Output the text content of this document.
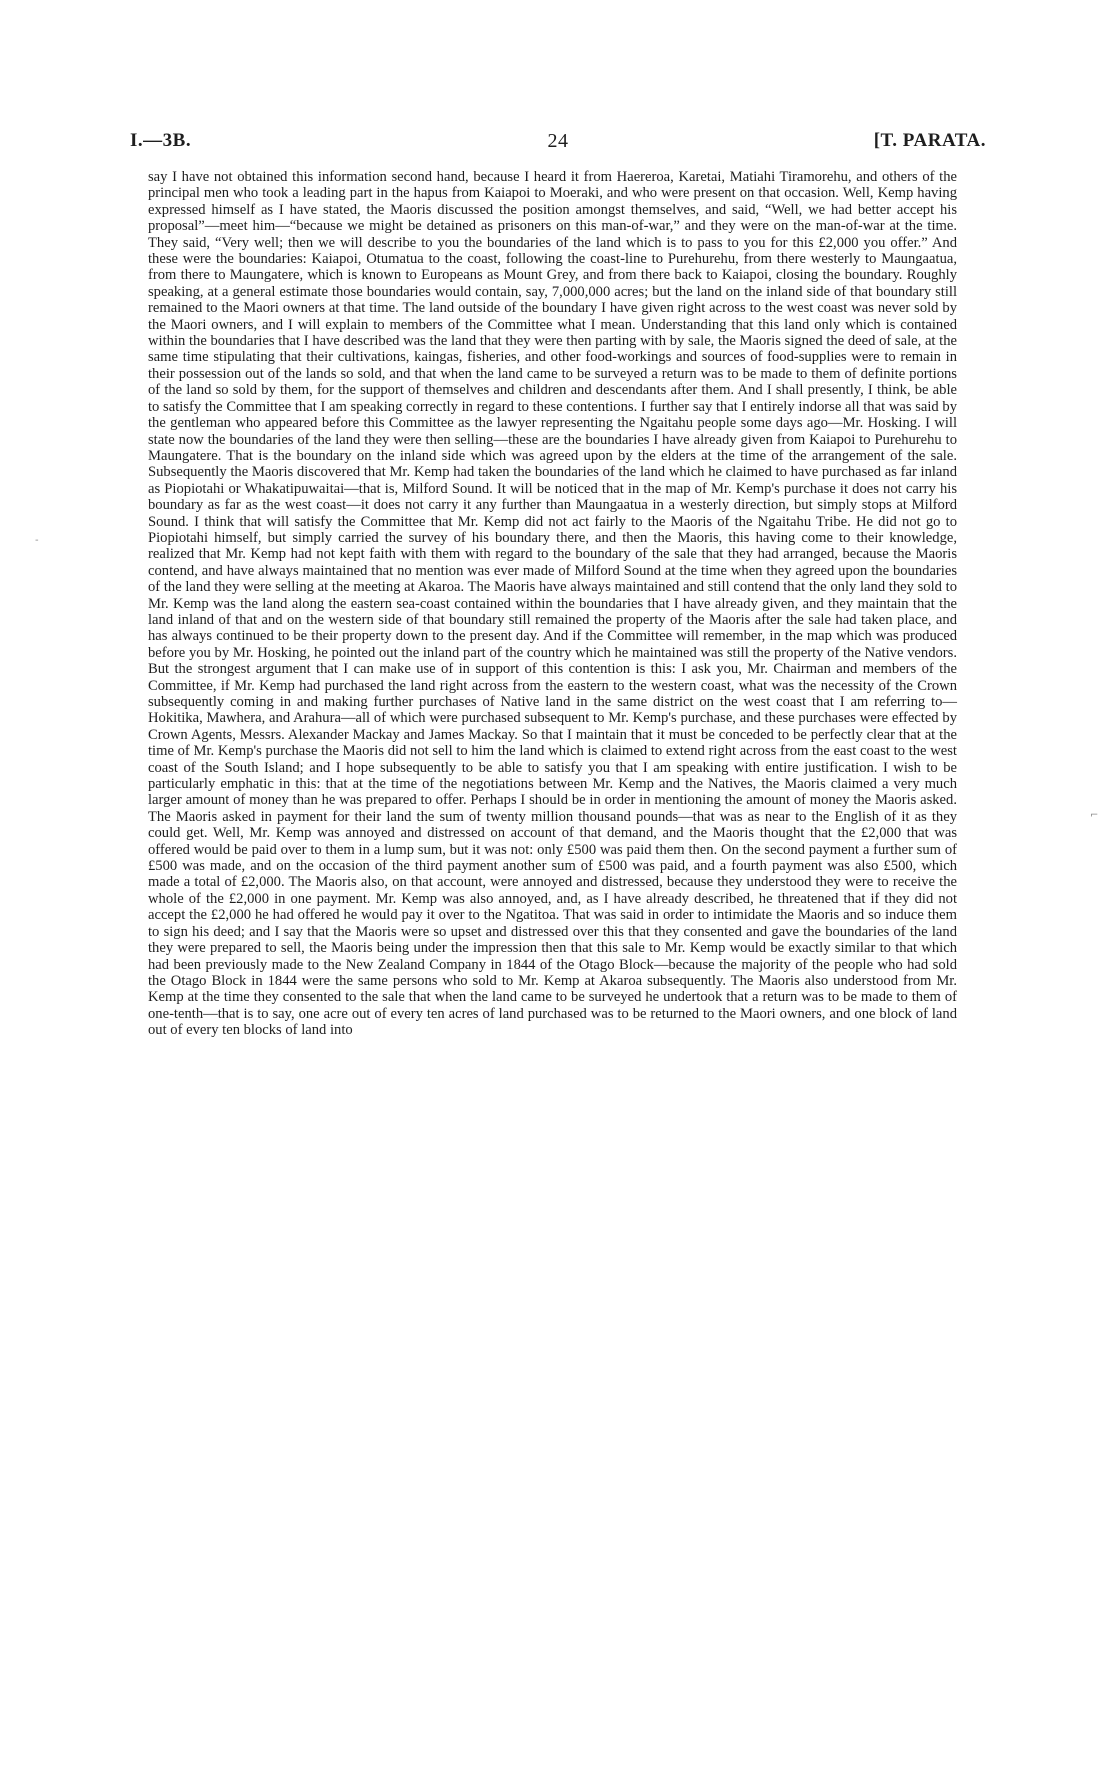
I.—3B.	24	[T. PARATA.

say I have not obtained this information second hand, because I heard it from Haereroa, Karetai, Matiahi Tiramorehu, and others of the principal men who took a leading part in the hapus from Kaiapoi to Moeraki, and who were present on that occasion. Well, Kemp having expressed himself as I have stated, the Maoris discussed the position amongst themselves, and said, “Well, we had better accept his proposal”—meet him—“because we might be detained as prisoners on this man-of-war,” and they were on the man-of-war at the time. They said, “Very well; then we will describe to you the boundaries of the land which is to pass to you for this £2,000 you offer.” And these were the boundaries: Kaiapoi, Otumatua to the coast, following the coast-line to Purehurehu, from there westerly to Maungaatua, from there to Maungatere, which is known to Europeans as Mount Grey, and from there back to Kaiapoi, closing the boundary. Roughly speaking, at a general estimate those boundaries would contain, say, 7,000,000 acres; but the land on the inland side of that boundary still remained to the Maori owners at that time. The land outside of the boundary I have given right across to the west coast was never sold by the Maori owners, and I will explain to members of the Committee what I mean. Understanding that this land only which is contained within the boundaries that I have described was the land that they were then parting with by sale, the Maoris signed the deed of sale, at the same time stipulating that their cultivations, kaingas, fisheries, and other food-workings and sources of food-supplies were to remain in their possession out of the lands so sold, and that when the land came to be surveyed a return was to be made to them of definite portions of the land so sold by them, for the support of themselves and children and descendants after them. And I shall presently, I think, be able to satisfy the Committee that I am speaking correctly in regard to these contentions. I further say that I entirely indorse all that was said by the gentleman who appeared before this Committee as the lawyer representing the Ngaitahu people some days ago—Mr. Hosking. I will state now the boundaries of the land they were then selling—these are the boundaries I have already given from Kaiapoi to Purehurehu to Maungatere. That is the boundary on the inland side which was agreed upon by the elders at the time of the arrangement of the sale. Subsequently the Maoris discovered that Mr. Kemp had taken the boundaries of the land which he claimed to have purchased as far inland as Piopiotahi or Whakatipuwaitai—that is, Milford Sound. It will be noticed that in the map of Mr. Kemp's purchase it does not carry his boundary as far as the west coast—it does not carry it any further than Maungaatua in a westerly direction, but simply stops at Milford Sound. I think that will satisfy the Committee that Mr. Kemp did not act fairly to the Maoris of the Ngaitahu Tribe. He did not go to Piopiotahi himself, but simply carried the survey of his boundary there, and then the Maoris, this having come to their knowledge, realized that Mr. Kemp had not kept faith with them with regard to the boundary of the sale that they had arranged, because the Maoris contend, and have always maintained that no mention was ever made of Milford Sound at the time when they agreed upon the boundaries of the land they were selling at the meeting at Akaroa. The Maoris have always maintained and still contend that the only land they sold to Mr. Kemp was the land along the eastern sea-coast contained within the boundaries that I have already given, and they maintain that the land inland of that and on the western side of that boundary still remained the property of the Maoris after the sale had taken place, and has always continued to be their property down to the present day. And if the Committee will remember, in the map which was produced before you by Mr. Hosking, he pointed out the inland part of the country which he maintained was still the property of the Native vendors. But the strongest argument that I can make use of in support of this contention is this: I ask you, Mr. Chairman and members of the Committee, if Mr. Kemp had purchased the land right across from the eastern to the western coast, what was the necessity of the Crown subsequently coming in and making further purchases of Native land in the same district on the west coast that I am referring to—Hokitika, Mawhera, and Arahura—all of which were purchased subsequent to Mr. Kemp's purchase, and these purchases were effected by Crown Agents, Messrs. Alexander Mackay and James Mackay. So that I maintain that it must be conceded to be perfectly clear that at the time of Mr. Kemp's purchase the Maoris did not sell to him the land which is claimed to extend right across from the east coast to the west coast of the South Island; and I hope subsequently to be able to satisfy you that I am speaking with entire justification. I wish to be particularly emphatic in this: that at the time of the negotiations between Mr. Kemp and the Natives, the Maoris claimed a very much larger amount of money than he was prepared to offer. Perhaps I should be in order in mentioning the amount of money the Maoris asked. The Maoris asked in payment for their land the sum of twenty million thousand pounds—that was as near to the English of it as they could get. Well, Mr. Kemp was annoyed and distressed on account of that demand, and the Maoris thought that the £2,000 that was offered would be paid over to them in a lump sum, but it was not: only £500 was paid them then. On the second payment a further sum of £500 was made, and on the occasion of the third payment another sum of £500 was paid, and a fourth payment was also £500, which made a total of £2,000. The Maoris also, on that account, were annoyed and distressed, because they understood they were to receive the whole of the £2,000 in one payment. Mr. Kemp was also annoyed, and, as I have already described, he threatened that if they did not accept the £2,000 he had offered he would pay it over to the Ngatitoa. That was said in order to intimidate the Maoris and so induce them to sign his deed; and I say that the Maoris were so upset and distressed over this that they consented and gave the boundaries of the land they were prepared to sell, the Maoris being under the impression then that this sale to Mr. Kemp would be exactly similar to that which had been previously made to the New Zealand Company in 1844 of the Otago Block—because the majority of the people who had sold the Otago Block in 1844 were the same persons who sold to Mr. Kemp at Akaroa subsequently. The Maoris also understood from Mr. Kemp at the time they consented to the sale that when the land came to be surveyed he undertook that a return was to be made to them of one-tenth—that is to say, one acre out of every ten acres of land purchased was to be returned to the Maori owners, and one block of land out of every ten blocks of land into

-
⌐
